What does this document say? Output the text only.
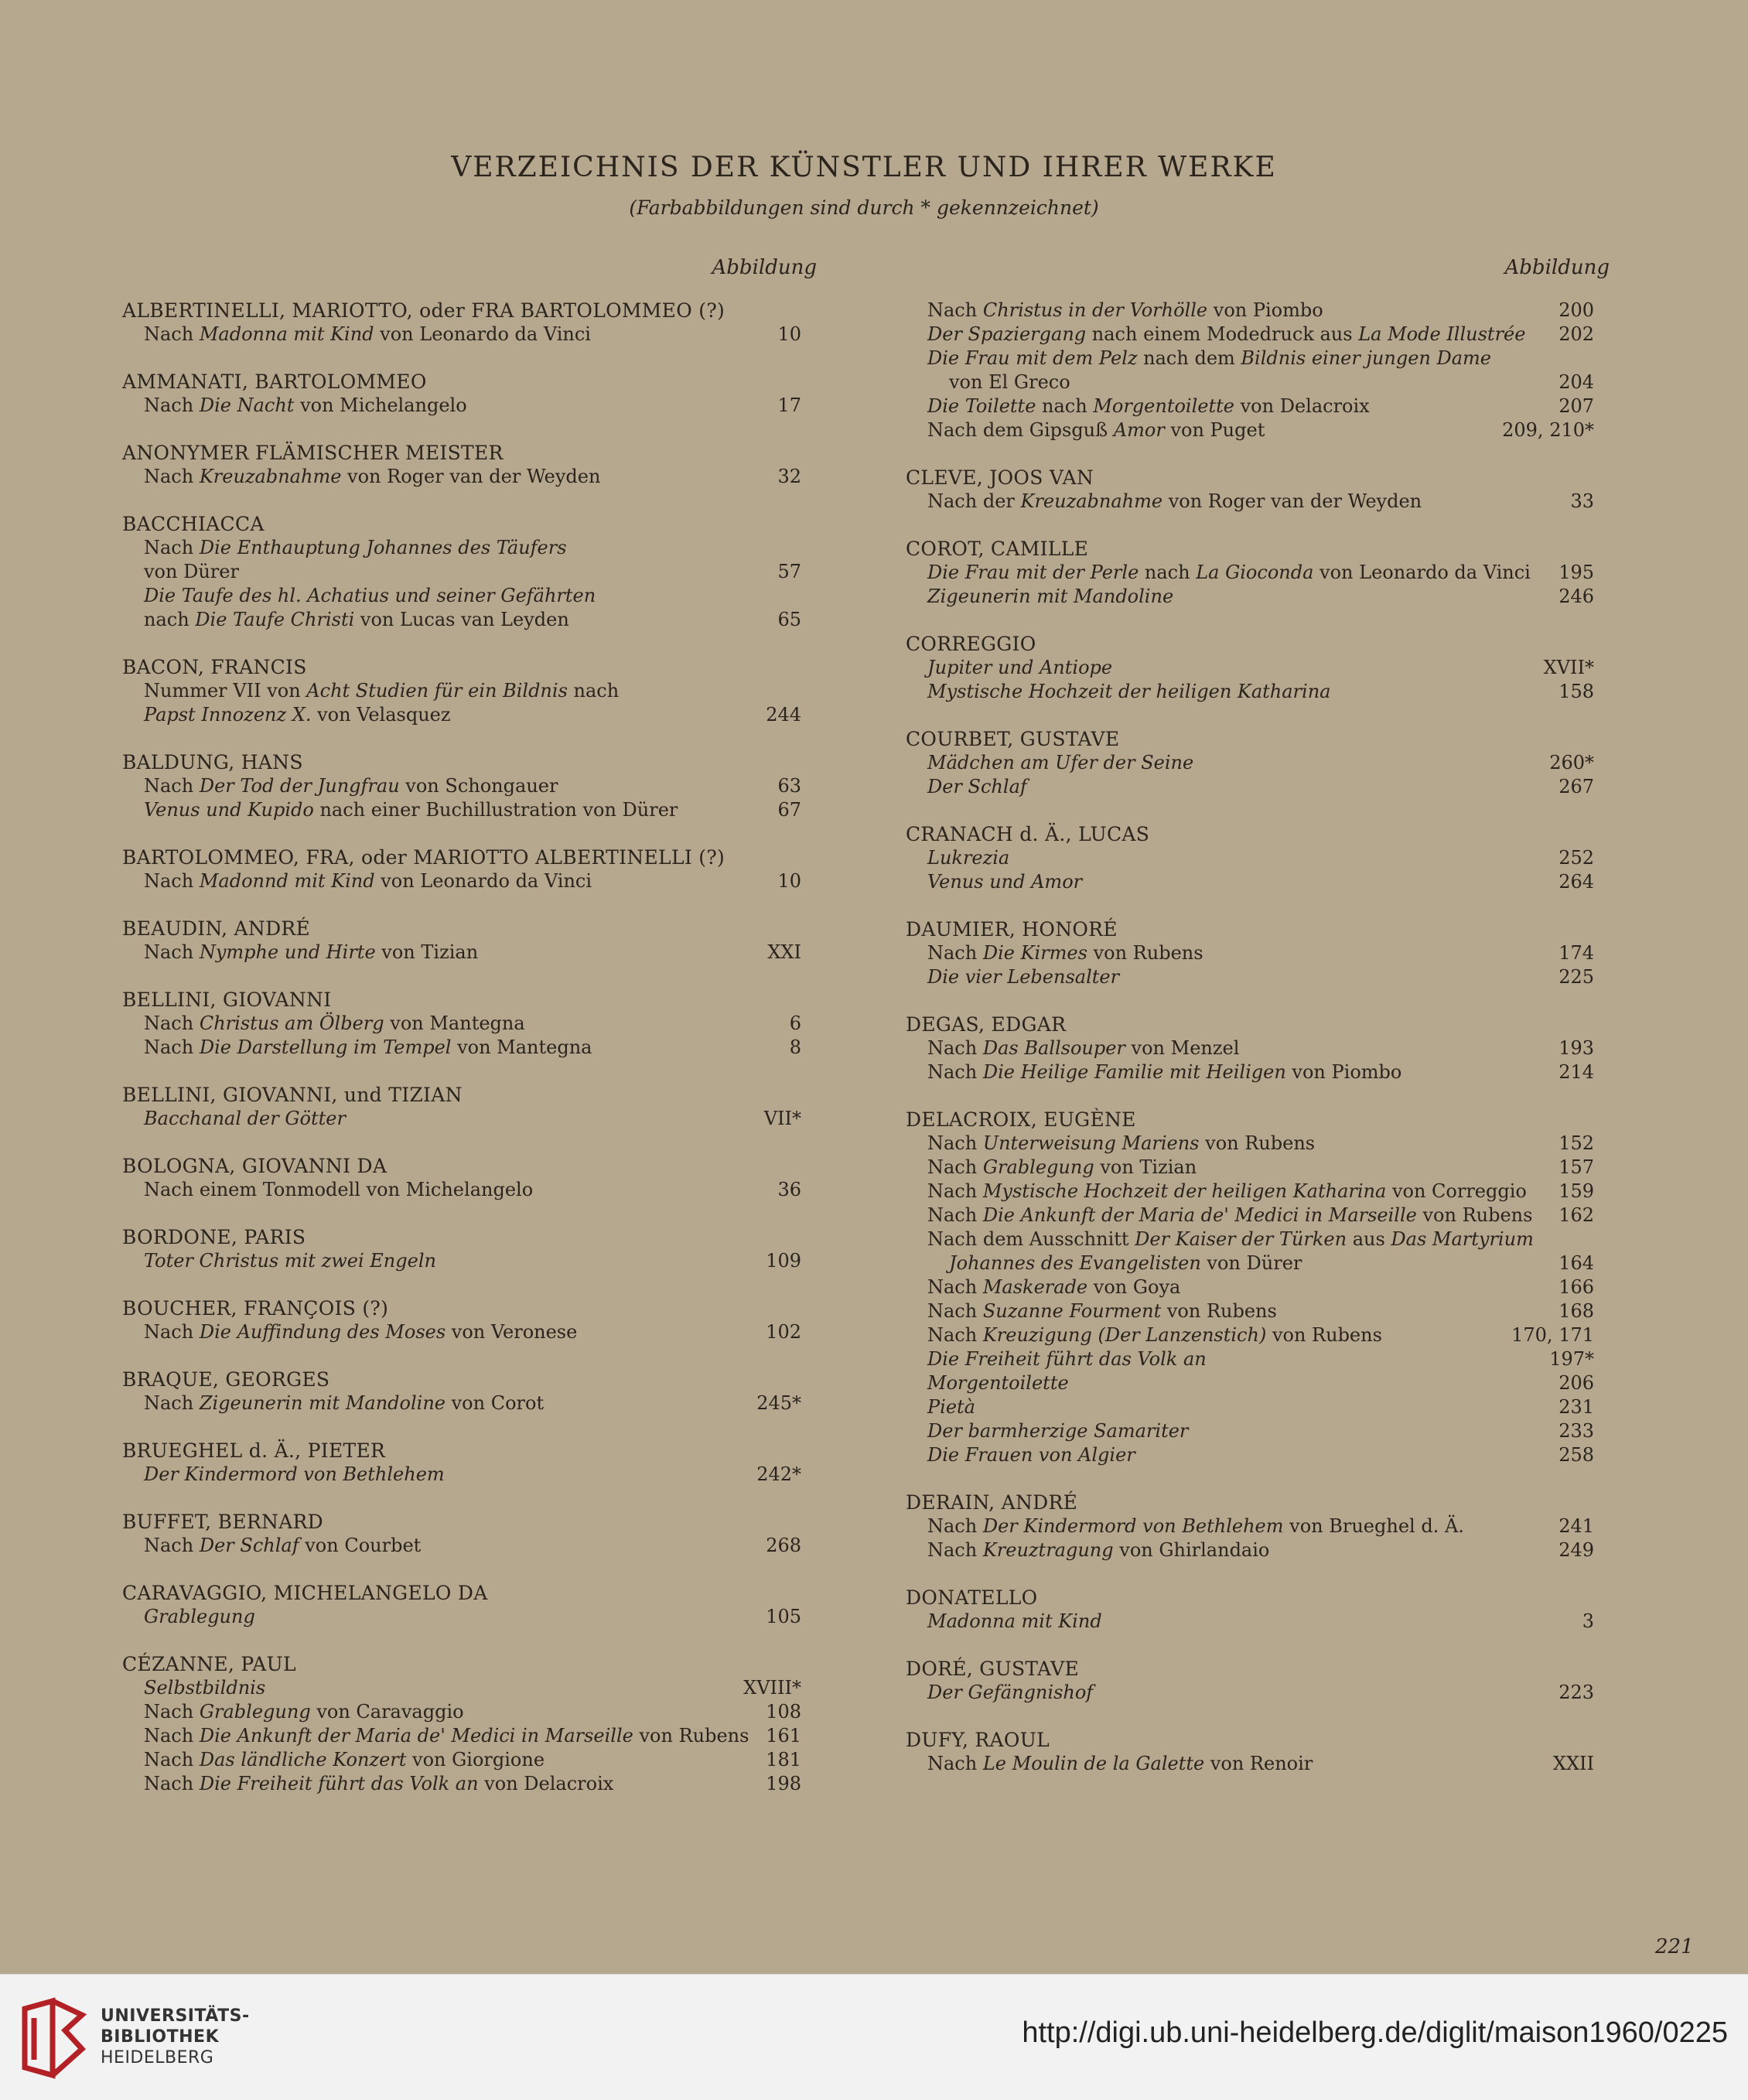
VERZEICHNIS DER KÜNSTLER UND IHRER WERKE
(Farbabbildungen sind durch * gekennzeichnet)
Abbildung
ALBERTINELLI, MARIOTTO, oder FRA BARTOLOMMEO (?)
Nach Madonna mit Kind von Leonardo da Vinci	10
AMMANATI, BARTOLOMMEO
Nach Die Nacht von Michelangelo	17
ANONYMER FLÄMISCHER MEISTER
Nach Kreuzabnahme von Roger van der Weyden	32
BACCHIACCA
Nach Die Enthauptung Johannes des Täufers
von Dürer	57
Die Taufe des hl. Achatius und seiner Gefährten
nach Die Taufe Christi von Lucas van Leyden	65
BACON, FRANCIS
Nummer VII von Acht Studien für ein Bildnis nach
Papst Innozenz X. von Velasquez	244
BALDUNG, HANS
Nach Der Tod der Jungfrau von Schongauer	63
Venus und Kupido nach einer Buchillustration von Dürer	67
BARTOLOMMEO, FRA, oder MARIOTTO ALBERTINELLI (?)
Nach Madonnd mit Kind von Leonardo da Vinci	10
BEAUDIN, ANDRÉ
Nach Nymphe und Hirte von Tizian	XXI
BELLINI, GIOVANNI
Nach Christus am Ölberg von Mantegna	6
Nach Die Darstellung im Tempel von Mantegna	8
BELLINI, GIOVANNI, und TIZIAN
Bacchanal der Götter	VII*
BOLOGNA, GIOVANNI DA
Nach einem Tonmodell von Michelangelo	36
BORDONE, PARIS
Toter Christus mit zwei Engeln	109
BOUCHER, FRANÇOIS (?)
Nach Die Auffindung des Moses von Veronese	102
BRAQUE, GEORGES
Nach Zigeunerin mit Mandoline von Corot	245*
BRUEGHEL d. Ä., PIETER
Der Kindermord von Bethlehem	242*
BUFFET, BERNARD
Nach Der Schlaf von Courbet	268
CARAVAGGIO, MICHELANGELO DA
Grablegung	105
CÉZANNE, PAUL
Selbstbildnis	XVIII*
Nach Grablegung von Caravaggio	108
Nach Die Ankunft der Maria de' Medici in Marseille von Rubens 161
Nach Das ländliche Konzert von Giorgione	181
Nach Die Freiheit führt das Volk an von Delacroix	198
Abbildung
Nach Christus in der Vorhölle von Piombo	200
Der Spaziergang nach einem Modedruck aus La Mode Illustrée	202
Die Frau mit dem Pelz nach dem Bildnis einer jungen Dame
von El Greco	204
Die Toilette nach Morgentoilette von Delacroix	207
Nach dem Gipsguß Amor von Puget	209, 210*
CLEVE, JOOS VAN
Nach der Kreuzabnahme von Roger van der Weyden	33
COROT, CAMILLE
Die Frau mit der Perle nach La Gioconda von Leonardo da Vinci	195
Zigeunerin mit Mandoline	246
CORREGGIO
Jupiter und Antiope	XVII*
Mystische Hochzeit der heiligen Katharina	158
COURBET, GUSTAVE
Mädchen am Ufer der Seine	260*
Der Schlaf	267
CRANACH d. Ä., LUCAS
Lukrezia	252
Venus und Amor	264
DAUMIER, HONORÉ
Nach Die Kirmes von Rubens	174
Die vier Lebensalter	225
DEGAS, EDGAR
Nach Das Ballsouper von Menzel	193
Nach Die Heilige Familie mit Heiligen von Piombo	214
DELACROIX, EUGÈNE
Nach Unterweisung Mariens von Rubens	152
Nach Grablegung von Tizian	157
Nach Mystische Hochzeit der heiligen Katharina von Correggio	159
Nach Die Ankunft der Maria de' Medici in Marseille von Rubens	162
Nach dem Ausschnitt Der Kaiser der Türken aus Das Martyrium
Johannes des Evangelisten von Dürer	164
Nach Maskerade von Goya	166
Nach Suzanne Fourment von Rubens	168
Nach Kreuzigung (Der Lanzenstich) von Rubens	170, 171
Die Freiheit führt das Volk an	197*
Morgentoilette	206
Pietà	231
Der barmherzige Samariter	233
Die Frauen von Algier	258
DERAIN, ANDRÉ
Nach Der Kindermord von Bethlehem von Brueghel d. Ä.	241
Nach Kreuztragung von Ghirlandaio	249
DONATELLO
Madonna mit Kind	3
DORÉ, GUSTAVE
Der Gefängnishof	223
DUFY, RAOUL
Nach Le Moulin de la Galette von Renoir	XXII
221
UNIVERSITÄTS-
BIBLIOTHEK
HEIDELBERG
http://digi.ub.uni-heidelberg.de/diglit/maison1960/0225
